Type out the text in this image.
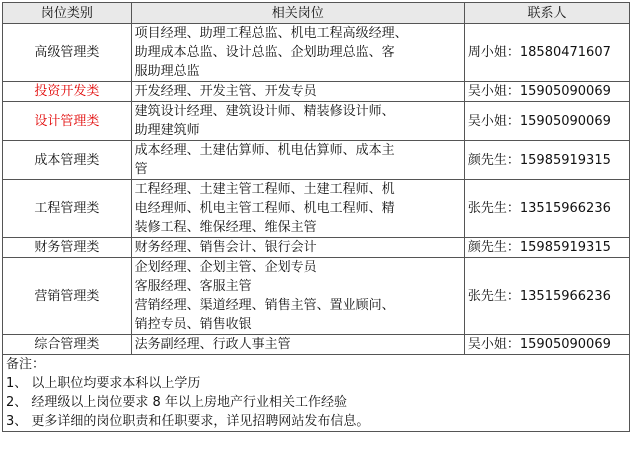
岗位类别	相关岗位	联系人
高级管理类	项目经理、助理工程总监、机电工程高级经理、
助理成本总监、设计总监、企划助理总监、客
服助理总监	周小姐：18580471607
投资开发类	开发经理、开发主管、开发专员	吴小姐：15905090069
设计管理类	建筑设计经理、建筑设计师、精装修设计师、
助理建筑师	吴小姐：15905090069
成本管理类	成本经理、土建估算师、机电估算师、成本主
管	颜先生：15985919315
工程管理类	工程经理、土建主管工程师、土建工程师、机
电经理师、机电主管工程师、机电工程师、精
装修工程、维保经理、维保主管	张先生：13515966236
财务管理类	财务经理、销售会计、银行会计	颜先生：15985919315
营销管理类	企划经理、企划主管、企划专员
客服经理、客服主管
营销经理、渠道经理、销售主管、置业顾问、
销控专员、销售收银	张先生：13515966236
综合管理类	法务副经理、行政人事主管	吴小姐：15905090069

备注：
1、 以上职位均要求本科以上学历
2、 经理级以上岗位要求 8 年以上房地产行业相关工作经验
3、 更多详细的岗位职责和任职要求，详见招聘网站发布信息。		
